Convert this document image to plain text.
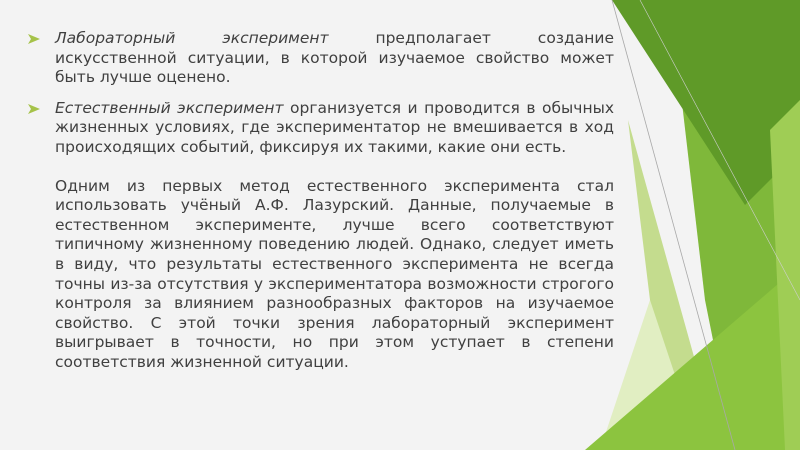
Лабораторный эксперимент предполагает создание искусственной ситуации, в которой изучаемое свойство может быть лучше оценено.
Естественный эксперимент организуется и проводится в обычных жизненных условиях, где экспериментатор не вмешивается в ход происходящих событий, фиксируя их такими, какие они есть.
Одним из первых метод естественного эксперимента стал использовать учёный А.Ф. Лазурский. Данные, получаемые в естественном эксперименте, лучше всего соответствуют типичному жизненному поведению людей. Однако, следует иметь в виду, что результаты естественного эксперимента не всегда точны из-за отсутствия у экспериментатора возможности строгого контроля за влиянием разнообразных факторов на изучаемое свойство. С этой точки зрения лабораторный эксперимент выигрывает в точности, но при этом уступает в степени соответствия жизненной ситуации.
